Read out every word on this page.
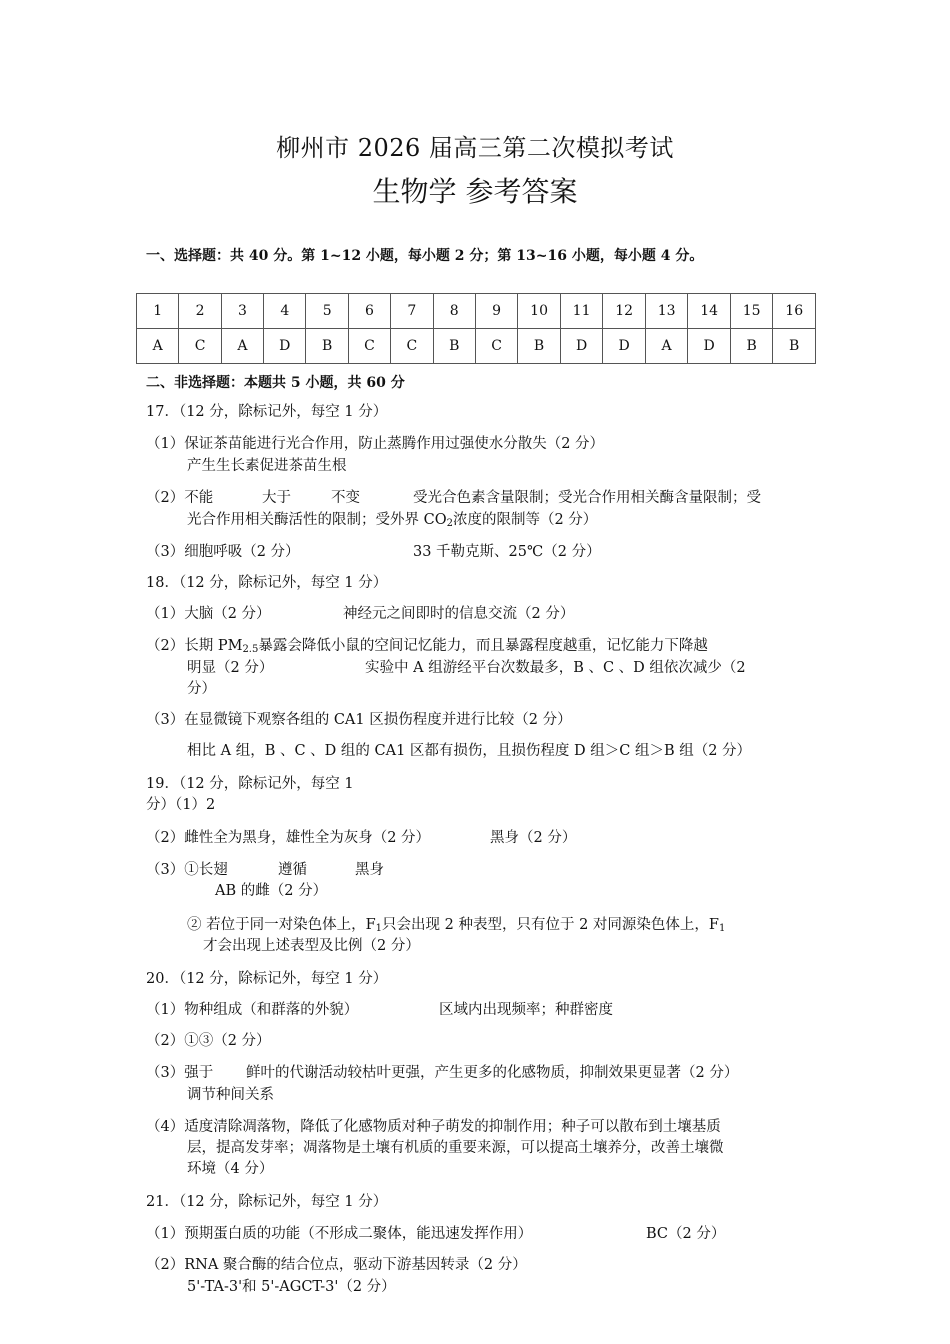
柳州市 2026 届高三第二次模拟考试
生物学 参考答案
一、选择题：共 40 分。第 1~12 小题，每小题 2 分；第 13~16 小题，每小题 4 分。
1	2	3	4	5	6	7	8	9	10	11	12	13	14	15	16
A	C	A	D	B	C	C	B	C	B	D	D	A	D	B	B
二、非选择题：本题共 5 小题，共 60 分
17．（12 分，除标记外，每空 1 分）
（1）保证茶苗能进行光合作用，防止蒸腾作用过强使水分散失（2 分）
产生生长素促进茶苗生根
（2）不能	大于	不变	受光合色素含量限制；受光合作用相关酶含量限制；受
光合作用相关酶活性的限制；受外界 $CO_2$浓度的限制等（2 分）
（3）细胞呼吸（2 分）	33 千勒克斯、25℃（2 分）
18．（12 分，除标记外，每空 1 分）
（1）大脑（2 分）	神经元之间即时的信息交流（2 分）
（2）长期 $PM_{2.5}$暴露会降低小鼠的空间记忆能力，而且暴露程度越重，记忆能力下降越
明显（2 分）	实验中 A 组游经平台次数最多，B 、C 、D 组依次减少（2
分）
（3）在显微镜下观察各组的 CA1 区损伤程度并进行比较（2 分）
相比 A 组，B 、C 、D 组的 CA1 区都有损伤，且损伤程度 D 组＞C 组＞B 组（2 分）
19．（12 分，除标记外，每空 1
分）（1）2
（2）雌性全为黑身，雄性全为灰身（2 分）	黑身（2 分）
（3）①长翅	遵循	黑身
AB 的雌（2 分）
② 若位于同一对染色体上，$F_1$只会出现 2 种表型，只有位于 2 对同源染色体上，$F_1$
才会出现上述表型及比例（2 分）
20．（12 分，除标记外，每空 1 分）
（1）物种组成（和群落的外貌）	区域内出现频率；种群密度
（2）①③（2 分）
（3）强于 鲜叶的代谢活动较枯叶更强，产生更多的化感物质，抑制效果更显著（2 分）
调节种间关系
（4）适度清除凋落物，降低了化感物质对种子萌发的抑制作用；种子可以散布到土壤基质
层，提高发芽率；凋落物是土壤有机质的重要来源，可以提高土壤养分，改善土壤微
环境（4 分）
21．（12 分，除标记外，每空 1 分）
（1）预期蛋白质的功能（不形成二聚体，能迅速发挥作用）	BC（2 分）
（2）RNA 聚合酶的结合位点，驱动下游基因转录（2 分）
5'-TA-3'和 5'-AGCT-3'（2 分）
